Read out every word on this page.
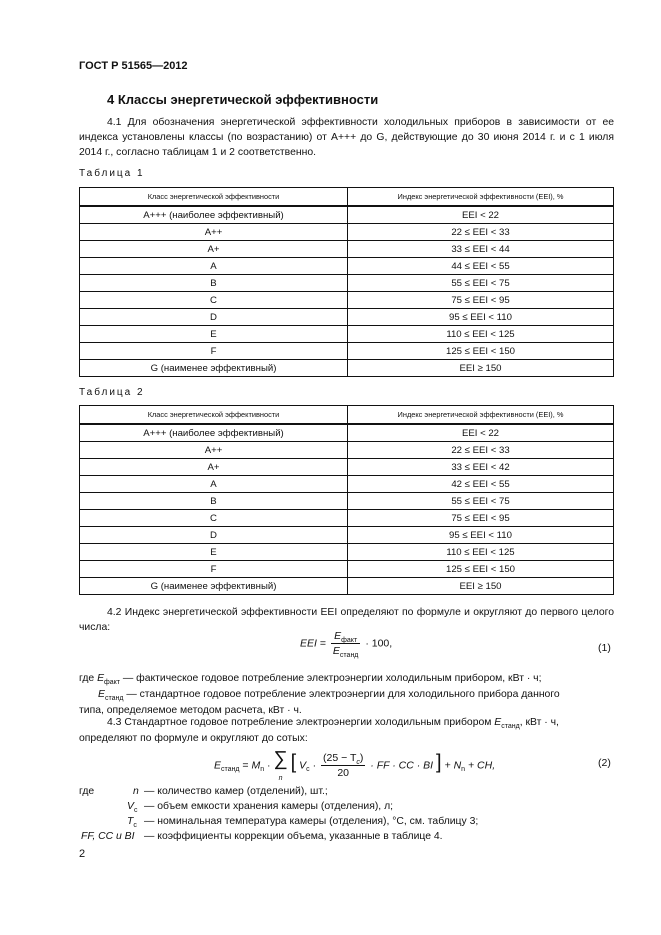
ГОСТ Р 51565—2012
4 Классы энергетической эффективности
4.1 Для обозначения энергетической эффективности холодильных приборов в зависимости от ее индекса установлены классы (по возрастанию) от A+++ до G, действующие до 30 июня 2014 г. и с 1 июля 2014 г., согласно таблицам 1 и 2 соответственно.
Таблица 1
Класс энергетической эффективности	Индекс энергетической эффективности (EEI), %
A+++ (наиболее эффективный)	EEI < 22
A++	22 ≤ EEI < 33
A+	33 ≤ EEI < 44
A	44 ≤ EEI < 55
B	55 ≤ EEI < 75
C	75 ≤ EEI < 95
D	95 ≤ EEI < 110
E	110 ≤ EEI < 125
F	125 ≤ EEI < 150
G (наименее эффективный)	EEI ≥ 150
Таблица 2
Класс энергетической эффективности	Индекс энергетической эффективности (EEI), %
A+++ (наиболее эффективный)	EEI < 22
A++	22 ≤ EEI < 33
A+	33 ≤ EEI < 42
A	42 ≤ EEI < 55
B	55 ≤ EEI < 75
C	75 ≤ EEI < 95
D	95 ≤ EEI < 110
E	110 ≤ EEI < 125
F	125 ≤ EEI < 150
G (наименее эффективный)	EEI ≥ 150
4.2 Индекс энергетической эффективности EEI определяют по формуле и округляют до первого целого числа:
EEI = $\frac{E_{факт}}{E_{станд}} \cdot 100$,	(1)
где $E_{факт}$ — фактическое годовое потребление электроэнергии холодильным прибором, кВт · ч;
$E_{станд}$ — стандартное годовое потребление электроэнергии для холодильного прибора данного
типа, определяемое методом расчета, кВт · ч.
4.3 Стандартное годовое потребление электроэнергии холодильным прибором $E_{станд}$, кВт · ч,
определяют по формуле и округляют до сотых:
$E_{станд} = M_n$ · ∑
n [ $V_c \cdot \frac{(25 - T_c)}{20}$ · FF · CC · BI ] + $N_n$ + CH,	(2)
где	n — количество камер (отделений), шт.;
$V_c$ — объем емкости хранения камеры (отделения), л;
$T_c$ — номинальная температура камеры (отделения), °C, см. таблицу 3;
FF, CC и BI — коэффициенты коррекции объема, указанные в таблице 4.
2
